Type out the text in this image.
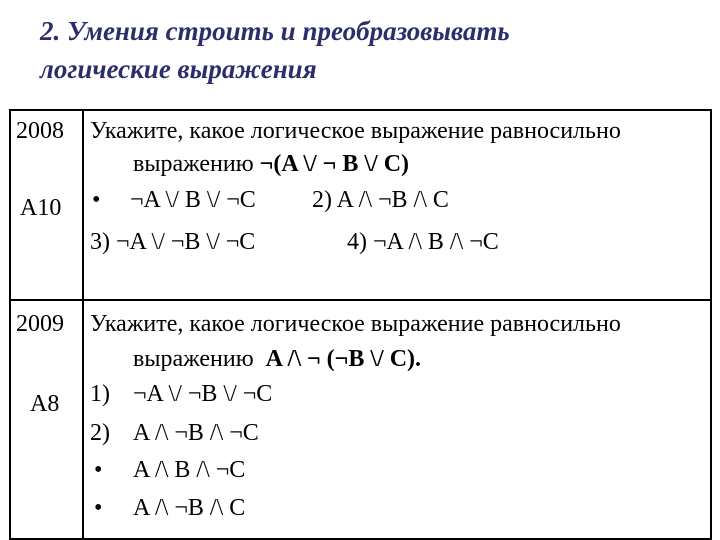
2. Умения строить и преобразовывать
логические выражения
2008
A10
Укажите, какое логическое выражение равносильно
выражению ¬(A \/ ¬ B \/ C)
• ¬A \/ B \/ ¬C 2) A /\ ¬B /\ C
3) ¬A \/ ¬B \/ ¬C	4) ¬A /\ B /\ ¬C
2009
A8
Укажите, какое логическое выражение равносильно
выражению  A /\ ¬ (¬B \/ C).
1) ¬A \/ ¬B \/ ¬C
2) A /\ ¬B /\ ¬C
• A /\ B /\ ¬C
• A /\ ¬B /\ C
